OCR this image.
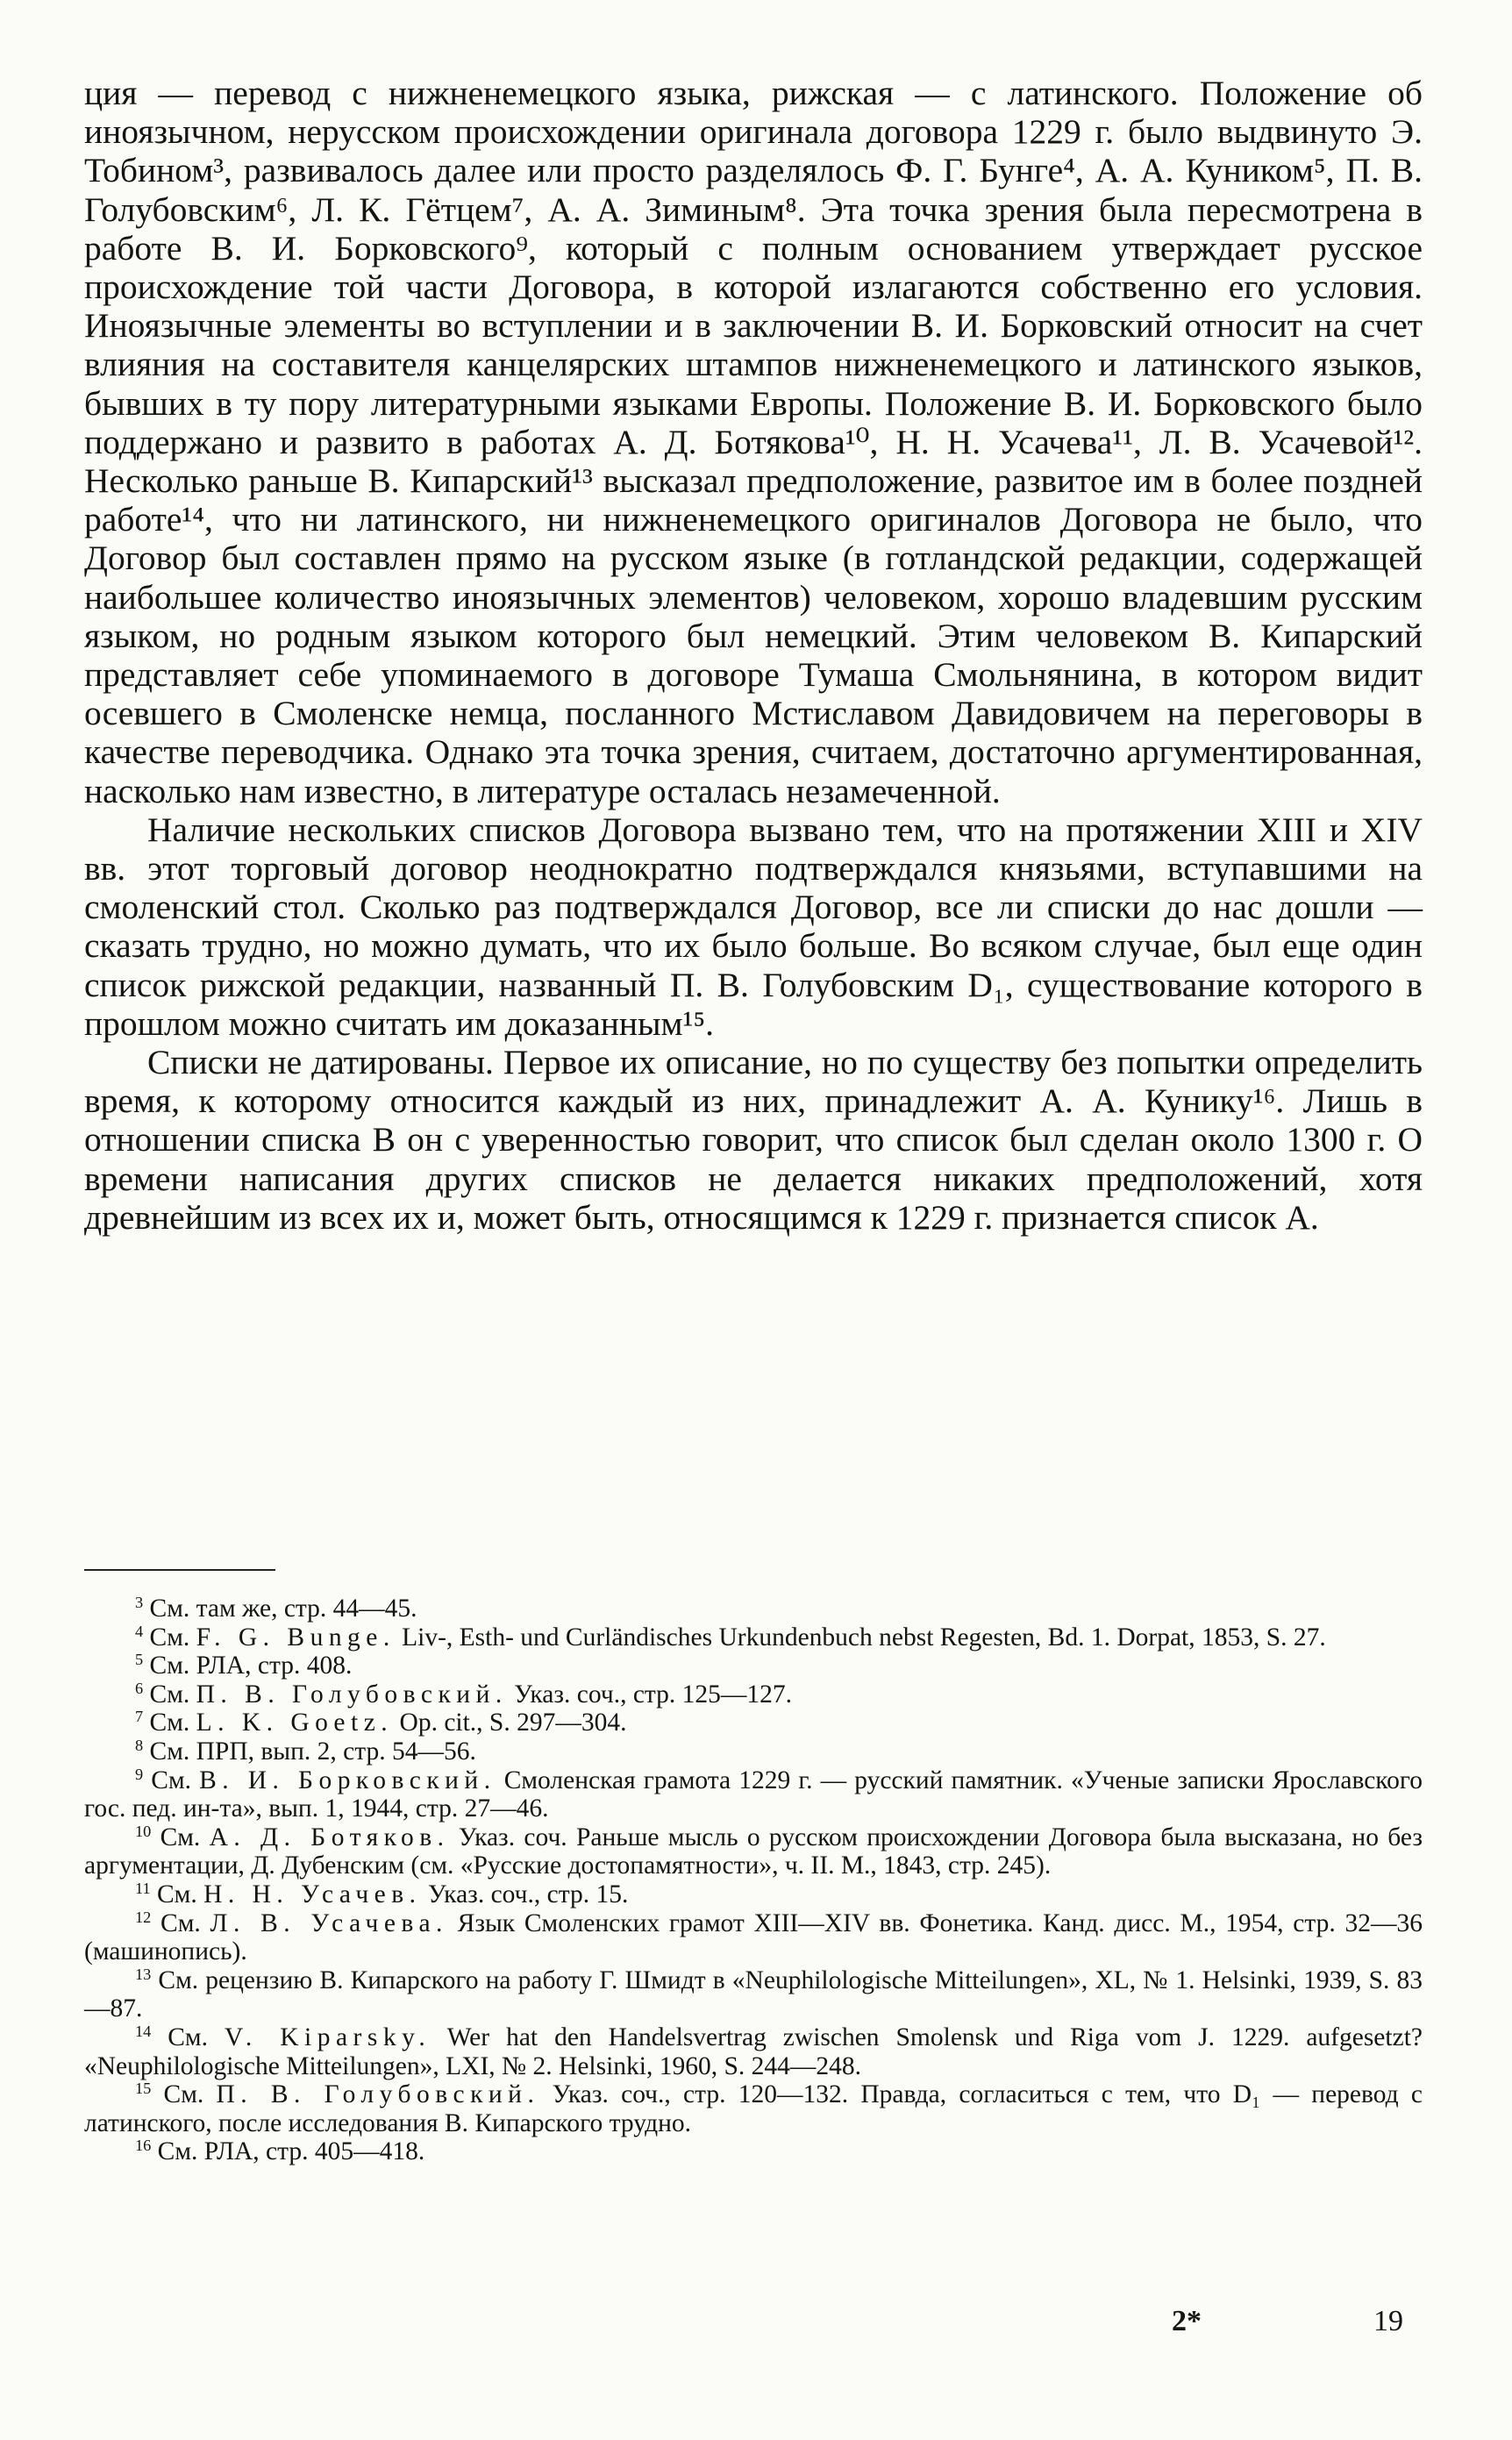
ция — перевод с нижненемецкого языка, рижская — с латинского. Положение об иноязычном, нерусском происхождении оригинала договора 1229 г. было выдвинуто Э. Тобином³, развивалось далее или просто разделялось Ф. Г. Бунге⁴, А. А. Куником⁵, П. В. Голубовским⁶, Л. К. Гётцем⁷, А. А. Зиминым⁸. Эта точка зрения была пересмотрена в работе В. И. Борковского⁹, который с полным основанием утверждает русское происхождение той части Договора, в которой излагаются собственно его условия. Иноязычные элементы во вступлении и в заключении В. И. Борковский относит на счет влияния на составителя канцелярских штампов нижненемецкого и латинского языков, бывших в ту пору литературными языками Европы. Положение В. И. Борковского было поддержано и развито в работах А. Д. Ботякова¹⁰, Н. Н. Усачева¹¹, Л. В. Усачевой¹². Несколько раньше В. Кипарский¹³ высказал предположение, развитое им в более поздней работе¹⁴, что ни латинского, ни нижненемецкого оригиналов Договора не было, что Договор был составлен прямо на русском языке (в готландской редакции, содержащей наибольшее количество иноязычных элементов) человеком, хорошо владевшим русским языком, но родным языком которого был немецкий. Этим человеком В. Кипарский представляет себе упоминаемого в договоре Тумаша Смольнянина, в котором видит осевшего в Смоленске немца, посланного Мстиславом Давидовичем на переговоры в качестве переводчика. Однако эта точка зрения, считаем, достаточно аргументированная, насколько нам известно, в литературе осталась незамеченной.

Наличие нескольких списков Договора вызвано тем, что на протяжении XIII и XIV вв. этот торговый договор неоднократно подтверждался князьями, вступавшими на смоленский стол. Сколько раз подтверждался Договор, все ли списки до нас дошли — сказать трудно, но можно думать, что их было больше. Во всяком случае, был еще один список рижской редакции, названный П. В. Голубовским D₁, существование которого в прошлом можно считать им доказанным¹⁵.

Списки не датированы. Первое их описание, но по существу без попытки определить время, к которому относится каждый из них, принадлежит А. А. Кунику¹⁶. Лишь в отношении списка B он с уверенностью говорит, что список был сделан около 1300 г. О времени написания других списков не делается никаких предположений, хотя древнейшим из всех их и, может быть, относящимся к 1229 г. признается список А.

$^3$ См. там же, стр. 44—45.

$^4$ См. F. G. Bunge. Liv-, Esth- und Curländisches Urkundenbuch nebst Regesten, Bd. 1. Dorpat, 1853, S. 27.

$^5$ См. РЛА, стр. 408.

$^6$ См. П. В. Голубовский. Указ. соч., стр. 125—127.

$^7$ См. L. K. Goetz. Op. cit., S. 297—304.

$^8$ См. ПРП, вып. 2, стр. 54—56.

$^9$ См. В. И. Борковский. Смоленская грамота 1229 г. — русский памятник. «Ученые записки Ярославского гос. пед. ин-та», вып. 1, 1944, стр. 27—46.

$^{10}$ См. А. Д. Ботяков. Указ. соч. Раньше мысль о русском происхождении Договора была высказана, но без аргументации, Д. Дубенским (см. «Русские достопамятности», ч. II. М., 1843, стр. 245).

$^{11}$ См. Н. Н. Усачев. Указ. соч., стр. 15.

$^{12}$ См. Л. В. Усачева. Язык Смоленских грамот XIII—XIV вв. Фонетика. Канд. дисс. М., 1954, стр. 32—36 (машинопись).

$^{13}$ См. рецензию В. Кипарского на работу Г. Шмидт в «Neuphilologische Mitteilungen», XL, № 1. Helsinki, 1939, S. 83—87.

$^{14}$ См. V. Kiparsky. Wer hat den Handelsvertrag zwischen Smolensk und Riga vom J. 1229. aufgesetzt? «Neuphilologische Mitteilungen», LXI, № 2. Helsinki, 1960, S. 244—248.

$^{15}$ См. П. В. Голубовский. Указ. соч., стр. 120—132. Правда, согласиться с тем, что D₁ — перевод с латинского, после исследования В. Кипарского трудно.

$^{16}$ См. РЛА, стр. 405—418.

2*	19
